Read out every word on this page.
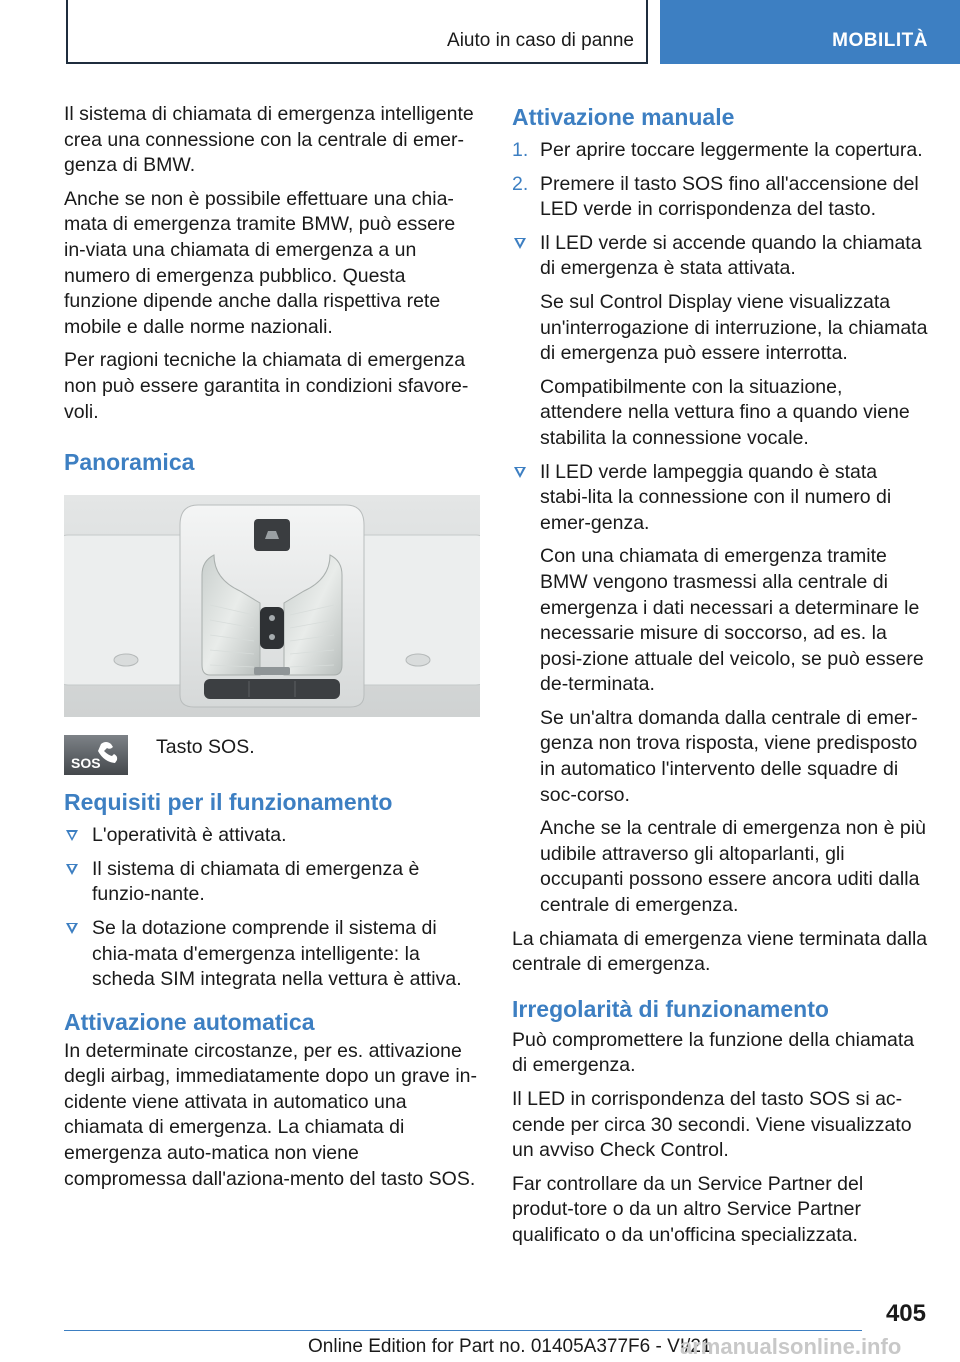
Aiuto in caso di panne	MOBILITÀ

Il sistema di chiamata di emergenza intelligente crea una connessione con la centrale di emer-genza di BMW.

Anche se non è possibile effettuare una chia-mata di emergenza tramite BMW, può essere in-viata una chiamata di emergenza a un numero di emergenza pubblico. Questa funzione dipende anche dalla rispettiva rete mobile e dalle norme nazionali.

Per ragioni tecniche la chiamata di emergenza non può essere garantita in condizioni sfavore-voli.

Panoramica
SOS

Tasto SOS.

Requisiti per il funzionamento

L'operatività è attivata.

Il sistema di chiamata di emergenza è funzio-nante.

Se la dotazione comprende il sistema di chia-mata d'emergenza intelligente: la scheda SIM integrata nella vettura è attiva.

Attivazione automatica

In determinate circostanze, per es. attivazione degli airbag, immediatamente dopo un grave in-cidente viene attivata in automatico una chiamata di emergenza. La chiamata di emergenza auto-matica non viene compromessa dall'aziona-mento del tasto SOS.

Attivazione manuale
1. Per aprire toccare leggermente la copertura.

2. Premere il tasto SOS fino all'accensione del LED verde in corrispondenza del tasto.

Il LED verde si accende quando la chiamata di emergenza è stata attivata.

Se sul Control Display viene visualizzata un'interrogazione di interruzione, la chiamata di emergenza può essere interrotta.

Compatibilmente con la situazione, attendere nella vettura fino a quando viene stabilita la connessione vocale.

Il LED verde lampeggia quando è stata stabi-lita la connessione con il numero di emer-genza.

Con una chiamata di emergenza tramite BMW vengono trasmessi alla centrale di emergenza i dati necessari a determinare le necessarie misure di soccorso, ad es. la posi-zione attuale del veicolo, se può essere de-terminata.

Se un'altra domanda dalla centrale di emer-genza non trova risposta, viene predisposto in automatico l'intervento delle squadre di soc-corso.

Anche se la centrale di emergenza non è più udibile attraverso gli altoparlanti, gli occupanti possono essere ancora uditi dalla centrale di emergenza.

La chiamata di emergenza viene terminata dalla centrale di emergenza.

Irregolarità di funzionamento

Può compromettere la funzione della chiamata di emergenza.

Il LED in corrispondenza del tasto SOS si ac-cende per circa 30 secondi. Viene visualizzato un avviso Check Control.

Far controllare da un Service Partner del produt-tore o da un altro Service Partner qualificato o da un'officina specializzata.

405
Online Edition for Part no. 01405A377F6 - VI/21
armanualsonline.info
